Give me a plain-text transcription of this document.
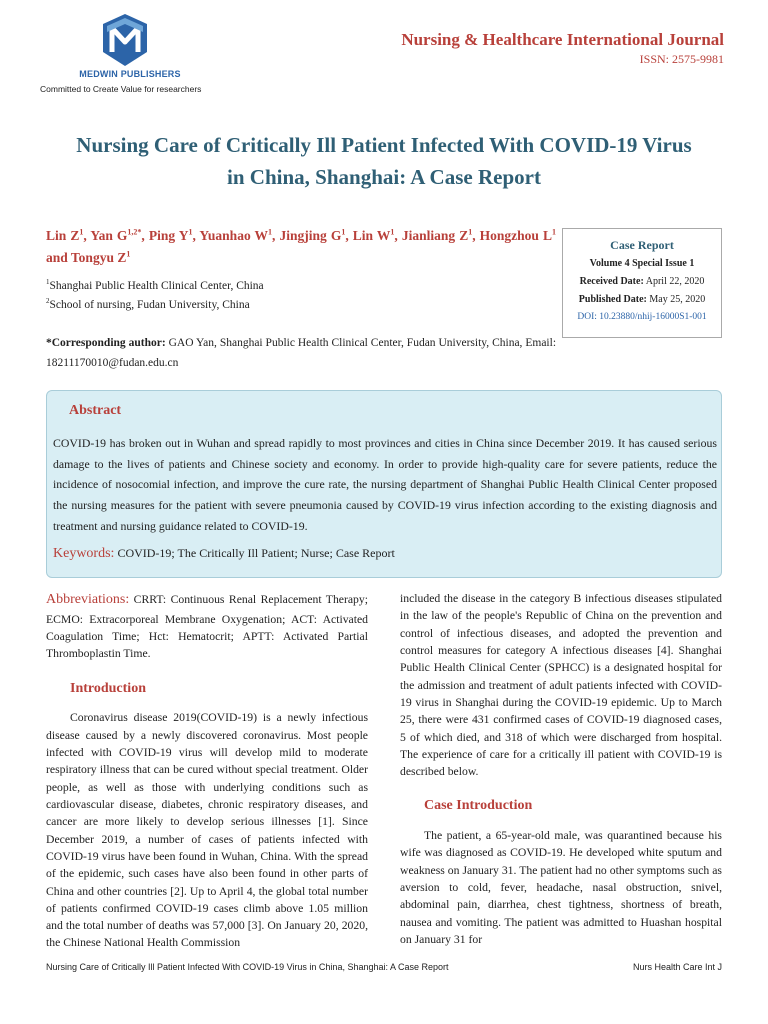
MEDWIN PUBLISHERS
Committed to Create Value for researchers
Nursing & Healthcare International Journal
ISSN: 2575-9981
Nursing Care of Critically Ill Patient Infected With COVID-19 Virus
in China, Shanghai: A Case Report
Lin $Z^1$, Yan $G^{1,2*}$, Ping $Y^1$, Yuanhao $W^1$, Jingjing $G^1$, Lin $W^1$, Jianliang $Z^1$, Hongzhou $L^1$ and Tongyu $Z^1$
$^1$Shanghai Public Health Clinical Center, China
$^2$School of nursing, Fudan University, China
*Corresponding author: GAO Yan, Shanghai Public Health Clinical Center, Fudan University, China, Email: 18211170010@fudan.edu.cn
Case Report
Volume 4 Special Issue 1
Received Date: April 22, 2020
Published Date: May 25, 2020
DOI: 10.23880/nhij-16000S1-001
Abstract
COVID-19 has broken out in Wuhan and spread rapidly to most provinces and cities in China since December 2019. It has caused serious damage to the lives of patients and Chinese society and economy. In order to provide high-quality care for severe patients, reduce the incidence of nosocomial infection, and improve the cure rate, the nursing department of Shanghai Public Health Clinical Center proposed the nursing measures for the patient with severe pneumonia caused by COVID-19 virus infection according to the existing diagnosis and treatment and nursing guidance related to COVID-19.
Keywords: COVID-19; The Critically Ill Patient; Nurse; Case Report

Abbreviations: CRRT: Continuous Renal Replacement Therapy; ECMO: Extracorporeal Membrane Oxygenation; ACT: Activated Coagulation Time; Hct: Hematocrit; APTT: Activated Partial Thromboplastin Time.

Introduction

Coronavirus disease 2019(COVID-19) is a newly infectious disease caused by a newly discovered coronavirus. Most people infected with COVID-19 virus will develop mild to moderate respiratory illness that can be cured without special treatment. Older people, as well as those with underlying conditions such as cardiovascular disease, diabetes, chronic respiratory diseases, and cancer are more likely to develop serious illnesses [1]. Since December 2019, a number of cases of patients infected with COVID-19 virus have been found in Wuhan, China. With the spread of the epidemic, such cases have also been found in other parts of China and other countries [2]. Up to April 4, the global total number of patients confirmed COVID-19 cases climb above 1.05 million and the total number of deaths was 57,000 [3]. On January 20, 2020, the Chinese National Health Commission

included the disease in the category B infectious diseases stipulated in the law of the people's Republic of China on the prevention and control of infectious diseases, and adopted the prevention and control measures for category A infectious diseases [4]. Shanghai Public Health Clinical Center (SPHCC) is a designated hospital for the admission and treatment of adult patients infected with COVID-19 virus in Shanghai during the COVID-19 epidemic. Up to March 25, there were 431 confirmed cases of COVID-19 diagnosed cases, 5 of which died, and 318 of which were discharged from hospital. The experience of care for a critically ill patient with COVID-19 is described below.

Case Introduction

The patient, a 65-year-old male, was quarantined because his wife was diagnosed as COVID-19. He developed white sputum and weakness on January 31. The patient had no other symptoms such as aversion to cold, fever, headache, nasal obstruction, snivel, abdominal pain, diarrhea, chest tightness, shortness of breath, nausea and vomiting. The patient was admitted to Huashan hospital on January 31 for

Nursing Care of Critically Ill Patient Infected With COVID-19 Virus in China, Shanghai: A Case Report	Nurs Health Care Int J
